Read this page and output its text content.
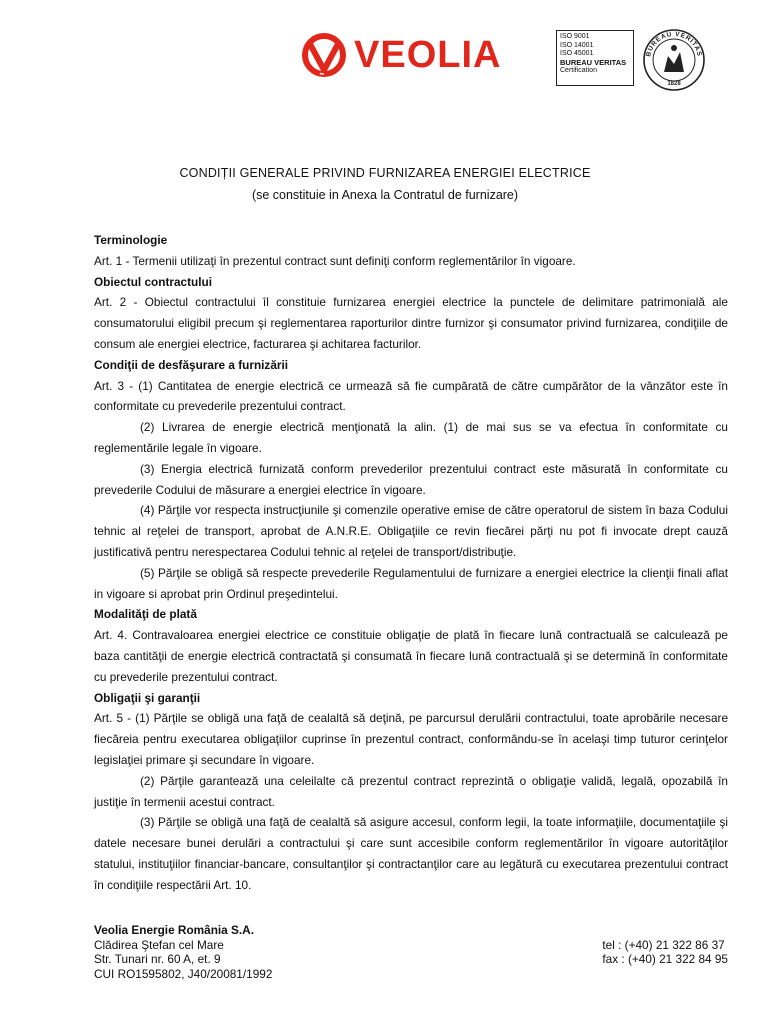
VEOLIA	ISO 9001
ISO 14001
ISO 45001
BUREAU VERITAS
Certification
BUREAU VERITAS
1828
CONDIȚII GENERALE PRIVIND FURNIZAREA ENERGIEI ELECTRICE
(se constituie in Anexa la Contratul de furnizare)

Terminologie

Art. 1 - Termenii utilizaţi în prezentul contract sunt definiţi conform reglementărilor în vigoare.

Obiectul contractului

Art. 2 - Obiectul contractului îl constituie furnizarea energiei electrice la punctele de delimitare patrimonială ale consumatorului eligibil precum şi reglementarea raporturilor dintre furnizor şi consumator privind furnizarea, condiţiile de consum ale energiei electrice, facturarea şi achitarea facturilor.

Condiţii de desfăşurare a furnizării

Art. 3 - (1) Cantitatea de energie electrică ce urmează să fie cumpărată de către cumpărător de la vânzător este în conformitate cu prevederile prezentului contract.

(2) Livrarea de energie electrică menţionată la alin. (1) de mai sus se va efectua în conformitate cu reglementările legale în vigoare.

(3) Energia electrică furnizată conform prevederilor prezentului contract este măsurată în conformitate cu prevederile Codului de măsurare a energiei electrice în vigoare.

(4) Părţile vor respecta instrucţiunile şi comenzile operative emise de către operatorul de sistem în baza Codului tehnic al reţelei de transport, aprobat de A.N.R.E. Obligaţiile ce revin fiecărei părţi nu pot fi invocate drept cauză justificativă pentru nerespectarea Codului tehnic al reţelei de transport/distribuţie.

(5) Părţile se obligă să respecte prevederile Regulamentului de furnizare a energiei electrice la clienţii finali aflat in vigoare si aprobat prin Ordinul preşedintelui.

Modalităţi de plată

Art. 4. Contravaloarea energiei electrice ce constituie obligaţie de plată în fiecare lună contractuală se calculează pe baza cantităţii de energie electrică contractată şi consumată în fiecare lună contractuală şi se determină în conformitate cu prevederile prezentului contract.

Obligaţii şi garanţii

Art. 5 - (1) Părţile se obligă una faţă de cealaltă să deţină, pe parcursul derulării contractului, toate aprobările necesare fiecăreia pentru executarea obligaţiilor cuprinse în prezentul contract, conformându-se în acelaşi timp tuturor cerinţelor legislaţiei primare şi secundare în vigoare.

(2) Părţile garantează una celeilalte că prezentul contract reprezintă o obligaţie validă, legală, opozabilă în justiţie în termenii acestui contract.

(3) Părţile se obligă una faţă de cealaltă să asigure accesul, conform legii, la toate informaţiile, documentaţiile şi datele necesare bunei derulări a contractului şi care sunt accesibile conform reglementărilor în vigoare autorităţilor statului, instituţiilor financiar-bancare, consultanţilor şi contractanţilor care au legătură cu executarea prezentului contract în condiţiile respectării Art. 10.

Veolia Energie România S.A.
Clădirea Ştefan cel Mare
Str. Tunari nr. 60 A, et. 9
CUI RO1595802, J40/20081/1992
tel : (+40) 21 322 86 37
fax : (+40) 21 322 84 95
